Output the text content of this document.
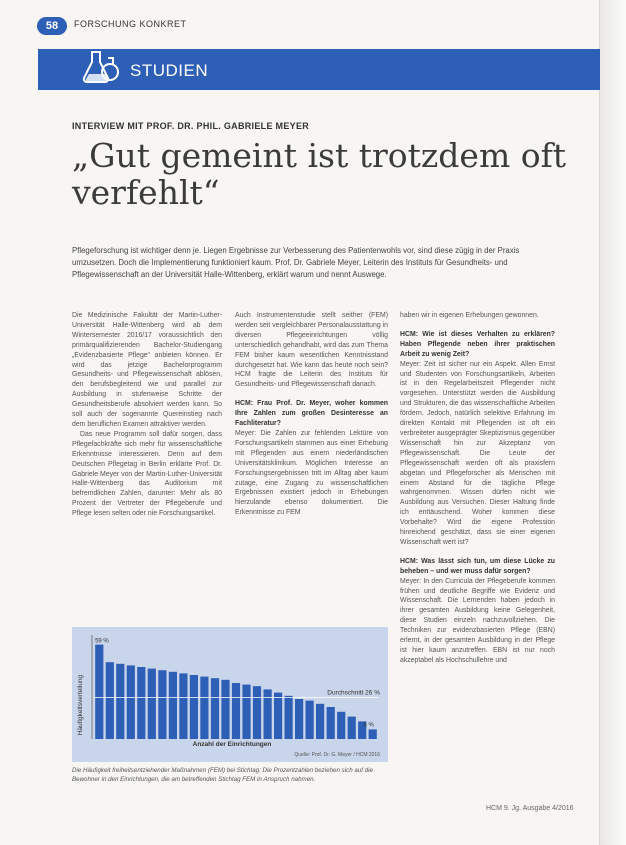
58	FORSCHUNG KONKRET
STUDIEN
INTERVIEW MIT PROF. DR. PHIL. GABRIELE MEYER
„Gut gemeint ist trotzdem oft verfehlt“

Pflegeforschung ist wichtiger denn je. Liegen Ergebnisse zur Verbesserung des Patientenwohls vor, sind diese zügig in der Praxis umzusetzen. Doch die Implementierung funktioniert kaum. Prof. Dr. Gabriele Meyer, Leiterin des Instituts für Gesundheits- und Pflegewissenschaft an der Universität Halle-Wittenberg, erklärt warum und nennt Auswege.

Die Medizinische Fakultät der Martin-Luther-Universität Halle-Wittenberg wird ab dem Wintersemester 2016/17 voraussichtlich den primärqualifizierenden Bachelor-Studiengang „Evidenzbasierte Pflege“ anbieten können. Er wird das jetzige Bachelorprogramm Gesundheits- und Pflegewissenschaft ablösen, den berufsbegleitend wie und parallel zur Ausbildung in stufenweise Schritte der Gesundheitsberufe absolviert werden kann. So soll auch der sogenannte Quereinstieg nach dem beruflichen Examen attraktiver werden.

Das neue Programm soll dafür sorgen, dass Pflegefachkräfte sich mehr für wissenschaftliche Erkenntnisse interessieren. Denn auf dem Deutschen Pflegetag in Berlin erklärte Prof. Dr. Gabriele Meyer von der Martin-Luther-Universität Halle-Wittenberg das Auditorium mit befremdlichen Zahlen, darunter: Mehr als 80 Prozent der Vertreter der Pflegeberufe und Pflege lesen selten oder nie Forschungsartikel.

Auch Instrumentenstudie stellt seither (FEM) werden seit vergleichbarer Personalausstattung in diversen Pflegeeinrichtungen völlig unterschiedlich gehandhabt, wird das zum Thema FEM bisher kaum wesentlichen Kenntnisstand durchgesetzt hat. Wie kann das heute noch sein? HCM fragte die Leiterin des Instituts für Gesundheits- und Pflegewissenschaft danach.

HCM: Frau Prof. Dr. Meyer, woher kommen Ihre Zahlen zum großen Desinteresse an Fachliteratur?

Meyer: Die Zahlen zur fehlenden Lektüre von Forschungsartikeln stammen aus einer Erhebung mit Pflegenden aus einem niederländischen Universitätsklinikum. Möglichen Interesse an Forschungsergebnissen tritt im Alltag aber kaum zutage, eine Zugang zu wissenschaftlichen Ergebnissen existiert jedoch in Erhebungen hierzulande ebenso dokumentiert. Die Erkenntnisse zu FEM

haben wir in eigenen Erhebungen gewonnen.

HCM: Wie ist dieses Verhalten zu erklären? Haben Pflegende neben ihrer praktischen Arbeit zu wenig Zeit?

Meyer: Zeit ist sicher nur ein Aspekt. Allen Ernst und Studenten von Forschungsartikeln, Arbeiten ist in den Regelarbeitszeit Pflegender nicht vorgesehen. Unterstützt werden die Ausbildung und Strukturen, die das wissenschaftliche Arbeiten fördern. Jedoch, natürlich selektive Erfahrung im direkten Kontakt mit Pflegenden ist oft ein verbreiteter ausgeprägter Skeptizismus gegenüber Wissenschaft hin zur Akzeptanz von Pflegewissenschaft. Die Leute der Pflegewissenschaft werden oft als praxisfern abgetan und Pflegeforscher als Menschen mit einem Abstand für die tägliche Pflege wahrgenommen. Wissen dürfen nicht wie Ausbildung aus Versuchen. Dieser Haltung finde ich enttäuschend. Woher kommen diese Vorbehalte? Wird die eigene Profession hinreichend geschätzt, dass sie einer eigenen Wissenschaft wert ist?

HCM: Was lässt sich tun, um diese Lücke zu beheben – und wer muss dafür sorgen?

Meyer: In den Curricula der Pflegeberufe kommen frühen und deutliche Begriffe wie Evidenz und Wissenschaft. Die Lernenden haben jedoch in ihrer gesamten Ausbildung keine Gelegenheit, diese Studien einzeln nachzuvollziehen. Die Techniken zur evidenzbasierten Pflege (EBN) erlernt, in der gesamten Ausbildung in der Pflege ist hier kaum anzutreffen. EBN ist nur noch akzeptabel als Hochschullehre und

Häufigkeitsverteilung
Anzahl der Einrichtungen
Quelle: Prof. Dr. G. Meyer / HCM 2016
Durchschnitt 26 %
59 %
6 %

Die Häufigkeit freiheitsentziehender Maßnahmen (FEM) bei Stichtag: Die Prozentzahlen beziehen sich auf die Bewohner in den Einrichtungen, die am betreffenden Stichtag FEM in Anspruch nahmen.

HCM 9. Jg. Ausgabe 4/2016
